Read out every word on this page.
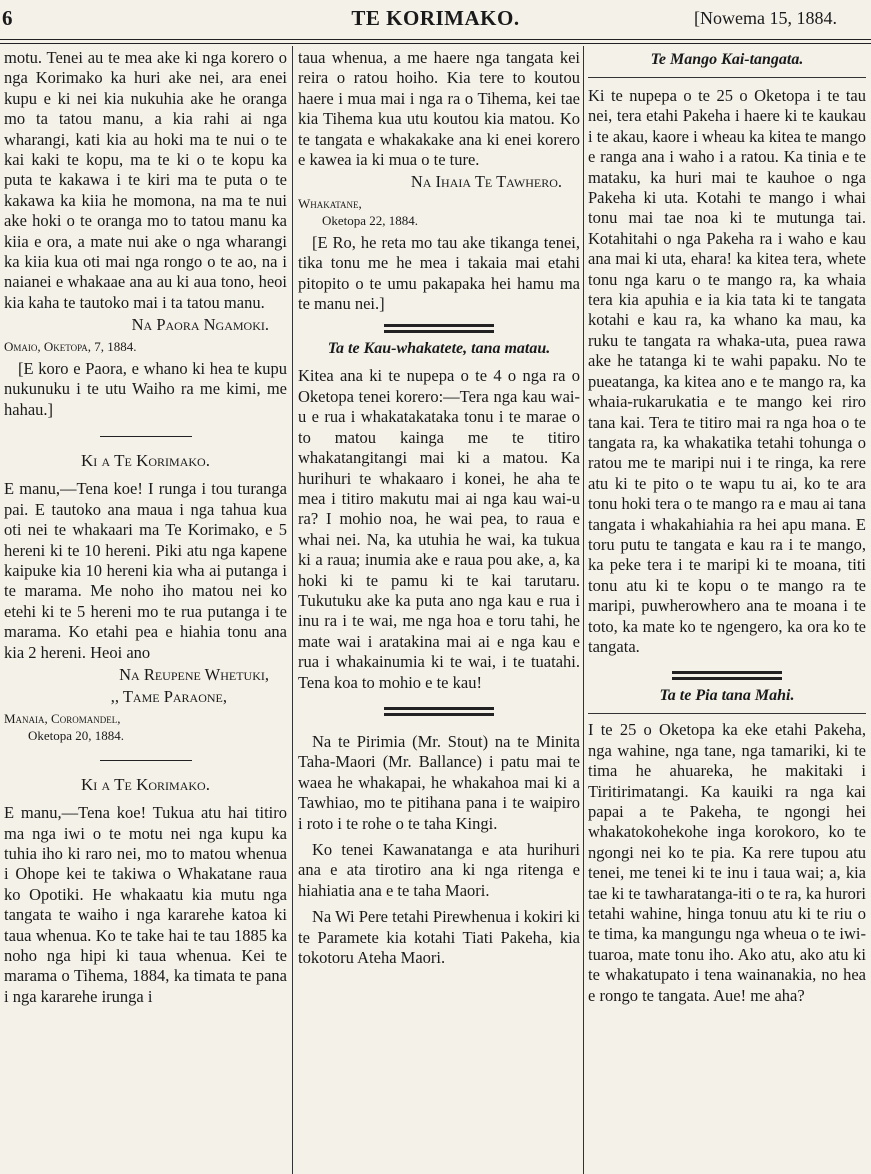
6	TE KORIMAKO.	[Nowema 15, 1884.

motu. Tenei au te mea ake ki nga korero o nga Korimako ka huri ake nei, ara enei kupu e ki nei kia nukuhia ake he oranga mo ta tatou manu, a kia rahi ai nga wharangi, kati kia au hoki ma te nui o te kai kaki te kopu, ma te ki o te kopu ka puta te kakawa i te kiri ma te puta o te kakawa ka kiia he momona, na ma te nui ake hoki o te oranga mo to tatou manu ka kiia e ora, a mate nui ake o nga wharangi ka kiia kua oti mai nga rongo o te ao, na i naianei e whakaae ana au ki aua tono, heoi kia kaha te tautoko mai i ta tatou manu.

Na Paora Ngamoki.

Omaio, Oketopa, 7, 1884.

[E koro e Paora, e whano ki hea te kupu nukunuku i te utu Waiho ra me kimi, me hahau.]

Ki a Te Korimako.

E manu,—Tena koe! I runga i tou turanga pai. E tautoko ana maua i nga tahua kua oti nei te whakaari ma Te Korimako, e 5 hereni ki te 10 hereni. Piki atu nga kapene kaipuke kia 10 hereni kia wha ai putanga i te marama. Me noho iho matou nei ko etehi ki te 5 hereni mo te rua putanga i te marama. Ko etahi pea e hiahia tonu ana kia 2 hereni. Heoi ano

Na Reupene Whetuki,

,, Tame Paraone,

Manaia, Coromandel,

Oketopa 20, 1884.

Ki a Te Korimako.

E manu,—Tena koe! Tukua atu hai titiro ma nga iwi o te motu nei nga kupu ka tuhia iho ki raro nei, mo to matou whenua i Ohope kei te takiwa o Whakatane raua ko Opotiki. He whakaatu kia mutu nga tangata te waiho i nga kararehe katoa ki taua whenua. Ko te take hai te tau 1885 ka noho nga hipi ki taua whenua. Kei te marama o Tihema, 1884, ka timata te pana i nga kararehe irunga i

taua whenua, a me haere nga tangata kei reira o ratou hoiho. Kia tere to koutou haere i mua mai i nga ra o Tihema, kei tae kia Tihema kua utu koutou kia matou. Ko te tangata e whakakake ana ki enei korero e kawea ia ki mua o te ture.

Na Ihaia Te Tawhero.

Whakatane,

Oketopa 22, 1884.

[E Ro, he reta mo tau ake tikanga tenei, tika tonu me he mea i takaia mai etahi pitopito o te umu pakapaka hei hamu ma te manu nei.]

Ta te Kau-whakatete, tana matau.

Kitea ana ki te nupepa o te 4 o nga ra o Oketopa tenei korero:—Tera nga kau wai-u e rua i whakatakataka tonu i te marae o to matou kainga me te titiro whakatangitangi mai ki a matou. Ka hurihuri te whakaaro i konei, he aha te mea i titiro makutu mai ai nga kau wai-u ra? I mohio noa, he wai pea, to raua e whai nei. Na, ka utuhia he wai, ka tukua ki a raua; inumia ake e raua pou ake, a, ka hoki ki te pamu ki te kai tarutaru. Tukutuku ake ka puta ano nga kau e rua i inu ra i te wai, me nga hoa e toru tahi, he mate wai i aratakina mai ai e nga kau e rua i whakainumia ki te wai, i te tuatahi. Tena koa to mohio e te kau!

Na te Pirimia (Mr. Stout) na te Minita Taha-Maori (Mr. Ballance) i patu mai te waea he whakapai, he whakahoa mai ki a Tawhiao, mo te pitihana pana i te waipiro i roto i te rohe o te taha Kingi.

Ko tenei Kawanatanga e ata hurihuri ana e ata tirotiro ana ki nga ritenga e hiahiatia ana e te taha Maori.

Na Wi Pere tetahi Pirewhenua i kokiri ki te Paramete kia kotahi Tiati Pakeha, kia tokotoru Ateha Maori.

Te Mango Kai-tangata.

Ki te nupepa o te 25 o Oketopa i te tau nei, tera etahi Pakeha i haere ki te kaukau i te akau, kaore i wheau ka kitea te mango e ranga ana i waho i a ratou. Ka tinia e te mataku, ka huri mai te kauhoe o nga Pakeha ki uta. Kotahi te mango i whai tonu mai tae noa ki te mutunga tai. Kotahitahi o nga Pakeha ra i waho e kau ana mai ki uta, ehara! ka kitea tera, whete tonu nga karu o te mango ra, ka whaia tera kia apuhia e ia kia tata ki te tangata kotahi e kau ra, ka whano ka mau, ka ruku te tangata ra whaka-uta, puea rawa ake he tatanga ki te wahi papaku. No te pueatanga, ka kitea ano e te mango ra, ka whaia-rukarukatia e te mango kei riro tana kai. Tera te titiro mai ra nga hoa o te tangata ra, ka whakatika tetahi tohunga o ratou me te maripi nui i te ringa, ka rere atu ki te pito o te wapu tu ai, ko te ara tonu hoki tera o te mango ra e mau ai tana tangata i whakahiahia ra hei apu mana. E toru putu te tangata e kau ra i te mango, ka peke tera i te maripi ki te moana, titi tonu atu ki te kopu o te mango ra te maripi, puwherowhero ana te moana i te toto, ka mate ko te ngengero, ka ora ko te tangata.

Ta te Pia tana Mahi.

I te 25 o Oketopa ka eke etahi Pakeha, nga wahine, nga tane, nga tamariki, ki te tima he ahuareka, he makitaki i Tiritirimatangi. Ka kauiki ra nga kai papai a te Pakeha, te ngongi hei whakatokohekohe inga korokoro, ko te ngongi nei ko te pia. Ka rere tupou atu tenei, me tenei ki te inu i taua wai; a, kia tae ki te tawharatanga-iti o te ra, ka hurori tetahi wahine, hinga tonuu atu ki te riu o te tima, ka mangungu nga wheua o te iwi-tuaroa, mate tonu iho. Ako atu, ako atu ki te whakatupato i tena wainanakia, no hea e rongo te tangata. Aue! me aha?
